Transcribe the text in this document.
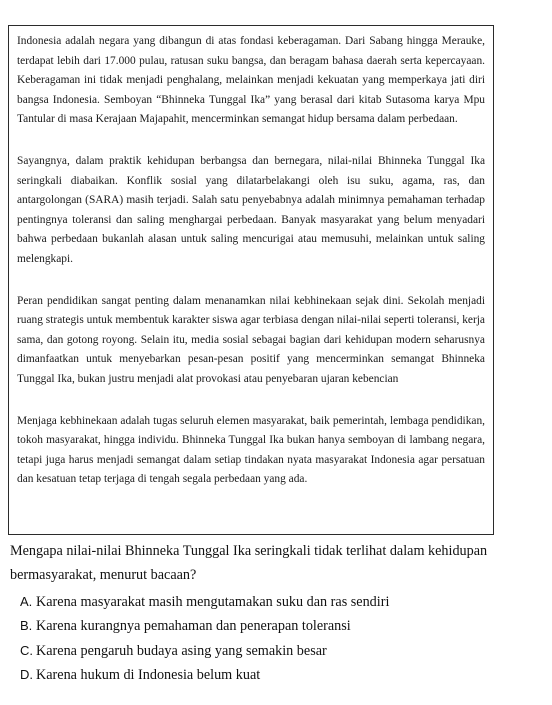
Indonesia adalah negara yang dibangun di atas fondasi keberagaman. Dari Sabang hingga Merauke, terdapat lebih dari 17.000 pulau, ratusan suku bangsa, dan beragam bahasa daerah serta kepercayaan. Keberagaman ini tidak menjadi penghalang, melainkan menjadi kekuatan yang memperkaya jati diri bangsa Indonesia. Semboyan “Bhinneka Tunggal Ika” yang berasal dari kitab Sutasoma karya Mpu Tantular di masa Kerajaan Majapahit, mencerminkan semangat hidup bersama dalam perbedaan.

Sayangnya, dalam praktik kehidupan berbangsa dan bernegara, nilai-nilai Bhinneka Tunggal Ika seringkali diabaikan. Konflik sosial yang dilatarbelakangi oleh isu suku, agama, ras, dan antargolongan (SARA) masih terjadi. Salah satu penyebabnya adalah minimnya pemahaman terhadap pentingnya toleransi dan saling menghargai perbedaan. Banyak masyarakat yang belum menyadari bahwa perbedaan bukanlah alasan untuk saling mencurigai atau memusuhi, melainkan untuk saling melengkapi.

Peran pendidikan sangat penting dalam menanamkan nilai kebhinekaan sejak dini. Sekolah menjadi ruang strategis untuk membentuk karakter siswa agar terbiasa dengan nilai-nilai seperti toleransi, kerja sama, dan gotong royong. Selain itu, media sosial sebagai bagian dari kehidupan modern seharusnya dimanfaatkan untuk menyebarkan pesan-pesan positif yang mencerminkan semangat Bhinneka Tunggal Ika, bukan justru menjadi alat provokasi atau penyebaran ujaran kebencian

Menjaga kebhinekaan adalah tugas seluruh elemen masyarakat, baik pemerintah, lembaga pendidikan, tokoh masyarakat, hingga individu. Bhinneka Tunggal Ika bukan hanya semboyan di lambang negara, tetapi juga harus menjadi semangat dalam setiap tindakan nyata masyarakat Indonesia agar persatuan dan kesatuan tetap terjaga di tengah segala perbedaan yang ada.

Mengapa nilai-nilai Bhinneka Tunggal Ika seringkali tidak terlihat dalam kehidupan bermasyarakat, menurut bacaan?

A. Karena masyarakat masih mengutamakan suku dan ras sendiri
B. Karena kurangnya pemahaman dan penerapan toleransi
C. Karena pengaruh budaya asing yang semakin besar
D. Karena hukum di Indonesia belum kuat
